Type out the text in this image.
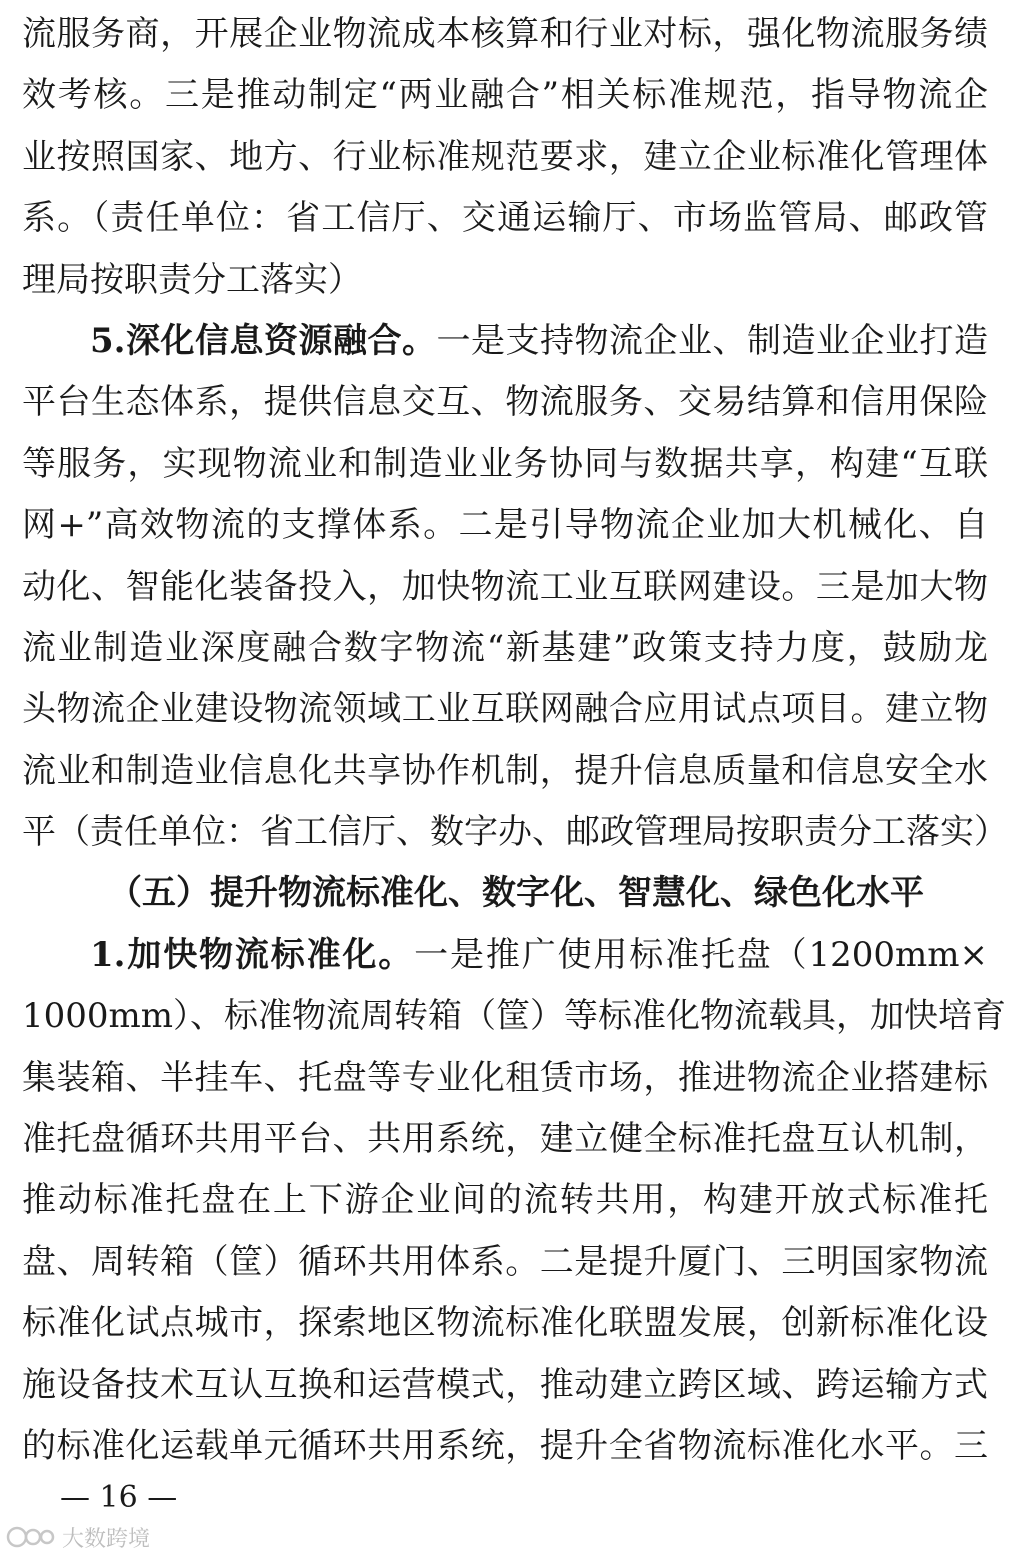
流服务商，开展企业物流成本核算和行业对标，强化物流服务绩
效考核。三是推动制定“两业融合”相关标准规范，指导物流企
业按照国家、地方、行业标准规范要求，建立企业标准化管理体
系。（责任单位：省工信厅、交通运输厅、市场监管局、邮政管
理局按职责分工落实）
5.深化信息资源融合。一是支持物流企业、制造业企业打造
平台生态体系，提供信息交互、物流服务、交易结算和信用保险
等服务，实现物流业和制造业业务协同与数据共享，构建“互联
网+”高效物流的支撑体系。二是引导物流企业加大机械化、自
动化、智能化装备投入，加快物流工业互联网建设。三是加大物
流业制造业深度融合数字物流“新基建”政策支持力度，鼓励龙
头物流企业建设物流领域工业互联网融合应用试点项目。建立物
流业和制造业信息化共享协作机制，提升信息质量和信息安全水
平（责任单位：省工信厅、数字办、邮政管理局按职责分工落实）
（五）提升物流标准化、数字化、智慧化、绿色化水平
1.加快物流标准化。一是推广使用标准托盘（1200mm×
1000mm）、标准物流周转箱（筐）等标准化物流载具，加快培育
集装箱、半挂车、托盘等专业化租赁市场，推进物流企业搭建标
准托盘循环共用平台、共用系统，建立健全标准托盘互认机制，
推动标准托盘在上下游企业间的流转共用，构建开放式标准托
盘、周转箱（筐）循环共用体系。二是提升厦门、三明国家物流
标准化试点城市，探索地区物流标准化联盟发展，创新标准化设
施设备技术互认互换和运营模式，推动建立跨区域、跨运输方式
的标准化运载单元循环共用系统，提升全省物流标准化水平。三
— 16 —
大数跨境
